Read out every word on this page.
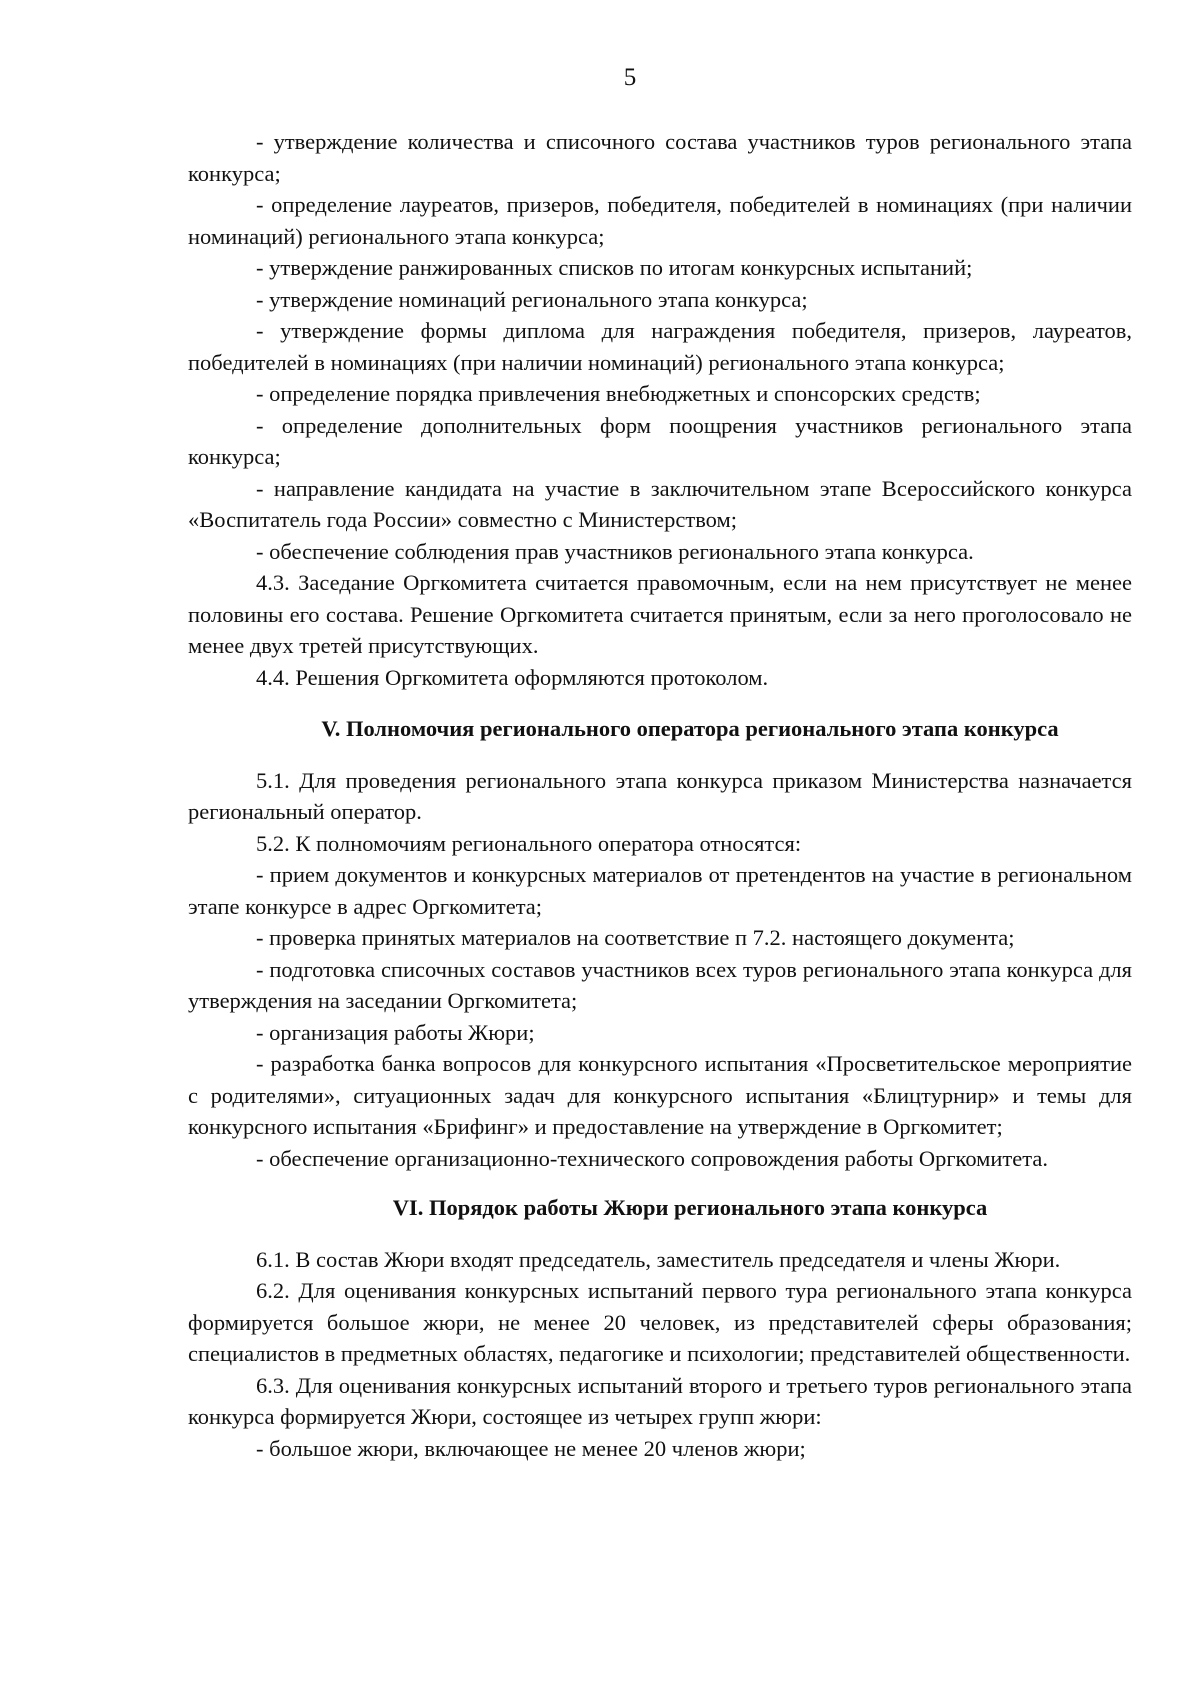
5

- утверждение количества и списочного состава участников туров регионального этапа конкурса;

- определение лауреатов, призеров, победителя, победителей в номинациях (при наличии номинаций) регионального этапа конкурса;

- утверждение ранжированных списков по итогам конкурсных испытаний;

- утверждение номинаций регионального этапа конкурса;

- утверждение формы диплома для награждения победителя, призеров, лауреатов, победителей в номинациях (при наличии номинаций) регионального этапа конкурса;

- определение порядка привлечения внебюджетных и спонсорских средств;

- определение дополнительных форм поощрения участников регионального этапа конкурса;

- направление кандидата на участие в заключительном этапе Всероссийского конкурса «Воспитатель года России» совместно с Министерством;

- обеспечение соблюдения прав участников регионального этапа конкурса.

4.3. Заседание Оргкомитета считается правомочным, если на нем присутствует не менее половины его состава. Решение Оргкомитета считается принятым, если за него проголосовало не менее двух третей присутствующих.

4.4. Решения Оргкомитета оформляются протоколом.

V. Полномочия регионального оператора регионального этапа конкурса

5.1. Для проведения регионального этапа конкурса приказом Министерства назначается региональный оператор.

5.2. К полномочиям регионального оператора относятся:

- прием документов и конкурсных материалов от претендентов на участие в региональном этапе конкурсе в адрес Оргкомитета;

- проверка принятых материалов на соответствие п 7.2. настоящего документа;

- подготовка списочных составов участников всех туров регионального этапа конкурса для утверждения на заседании Оргкомитета;

- организация работы Жюри;

- разработка банка вопросов для конкурсного испытания «Просветительское мероприятие с родителями», ситуационных задач для конкурсного испытания «Блицтурнир» и темы для конкурсного испытания «Брифинг» и предоставление на утверждение в Оргкомитет;

- обеспечение организационно-технического сопровождения работы Оргкомитета.

VI. Порядок работы Жюри регионального этапа конкурса

6.1. В состав Жюри входят председатель, заместитель председателя и члены Жюри.

6.2. Для оценивания конкурсных испытаний первого тура регионального этапа конкурса формируется большое жюри, не менее 20 человек, из представителей сферы образования; специалистов в предметных областях, педагогике и психологии; представителей общественности.

6.3. Для оценивания конкурсных испытаний второго и третьего туров регионального этапа конкурса формируется Жюри, состоящее из четырех групп жюри:

- большое жюри, включающее не менее 20 членов жюри;
